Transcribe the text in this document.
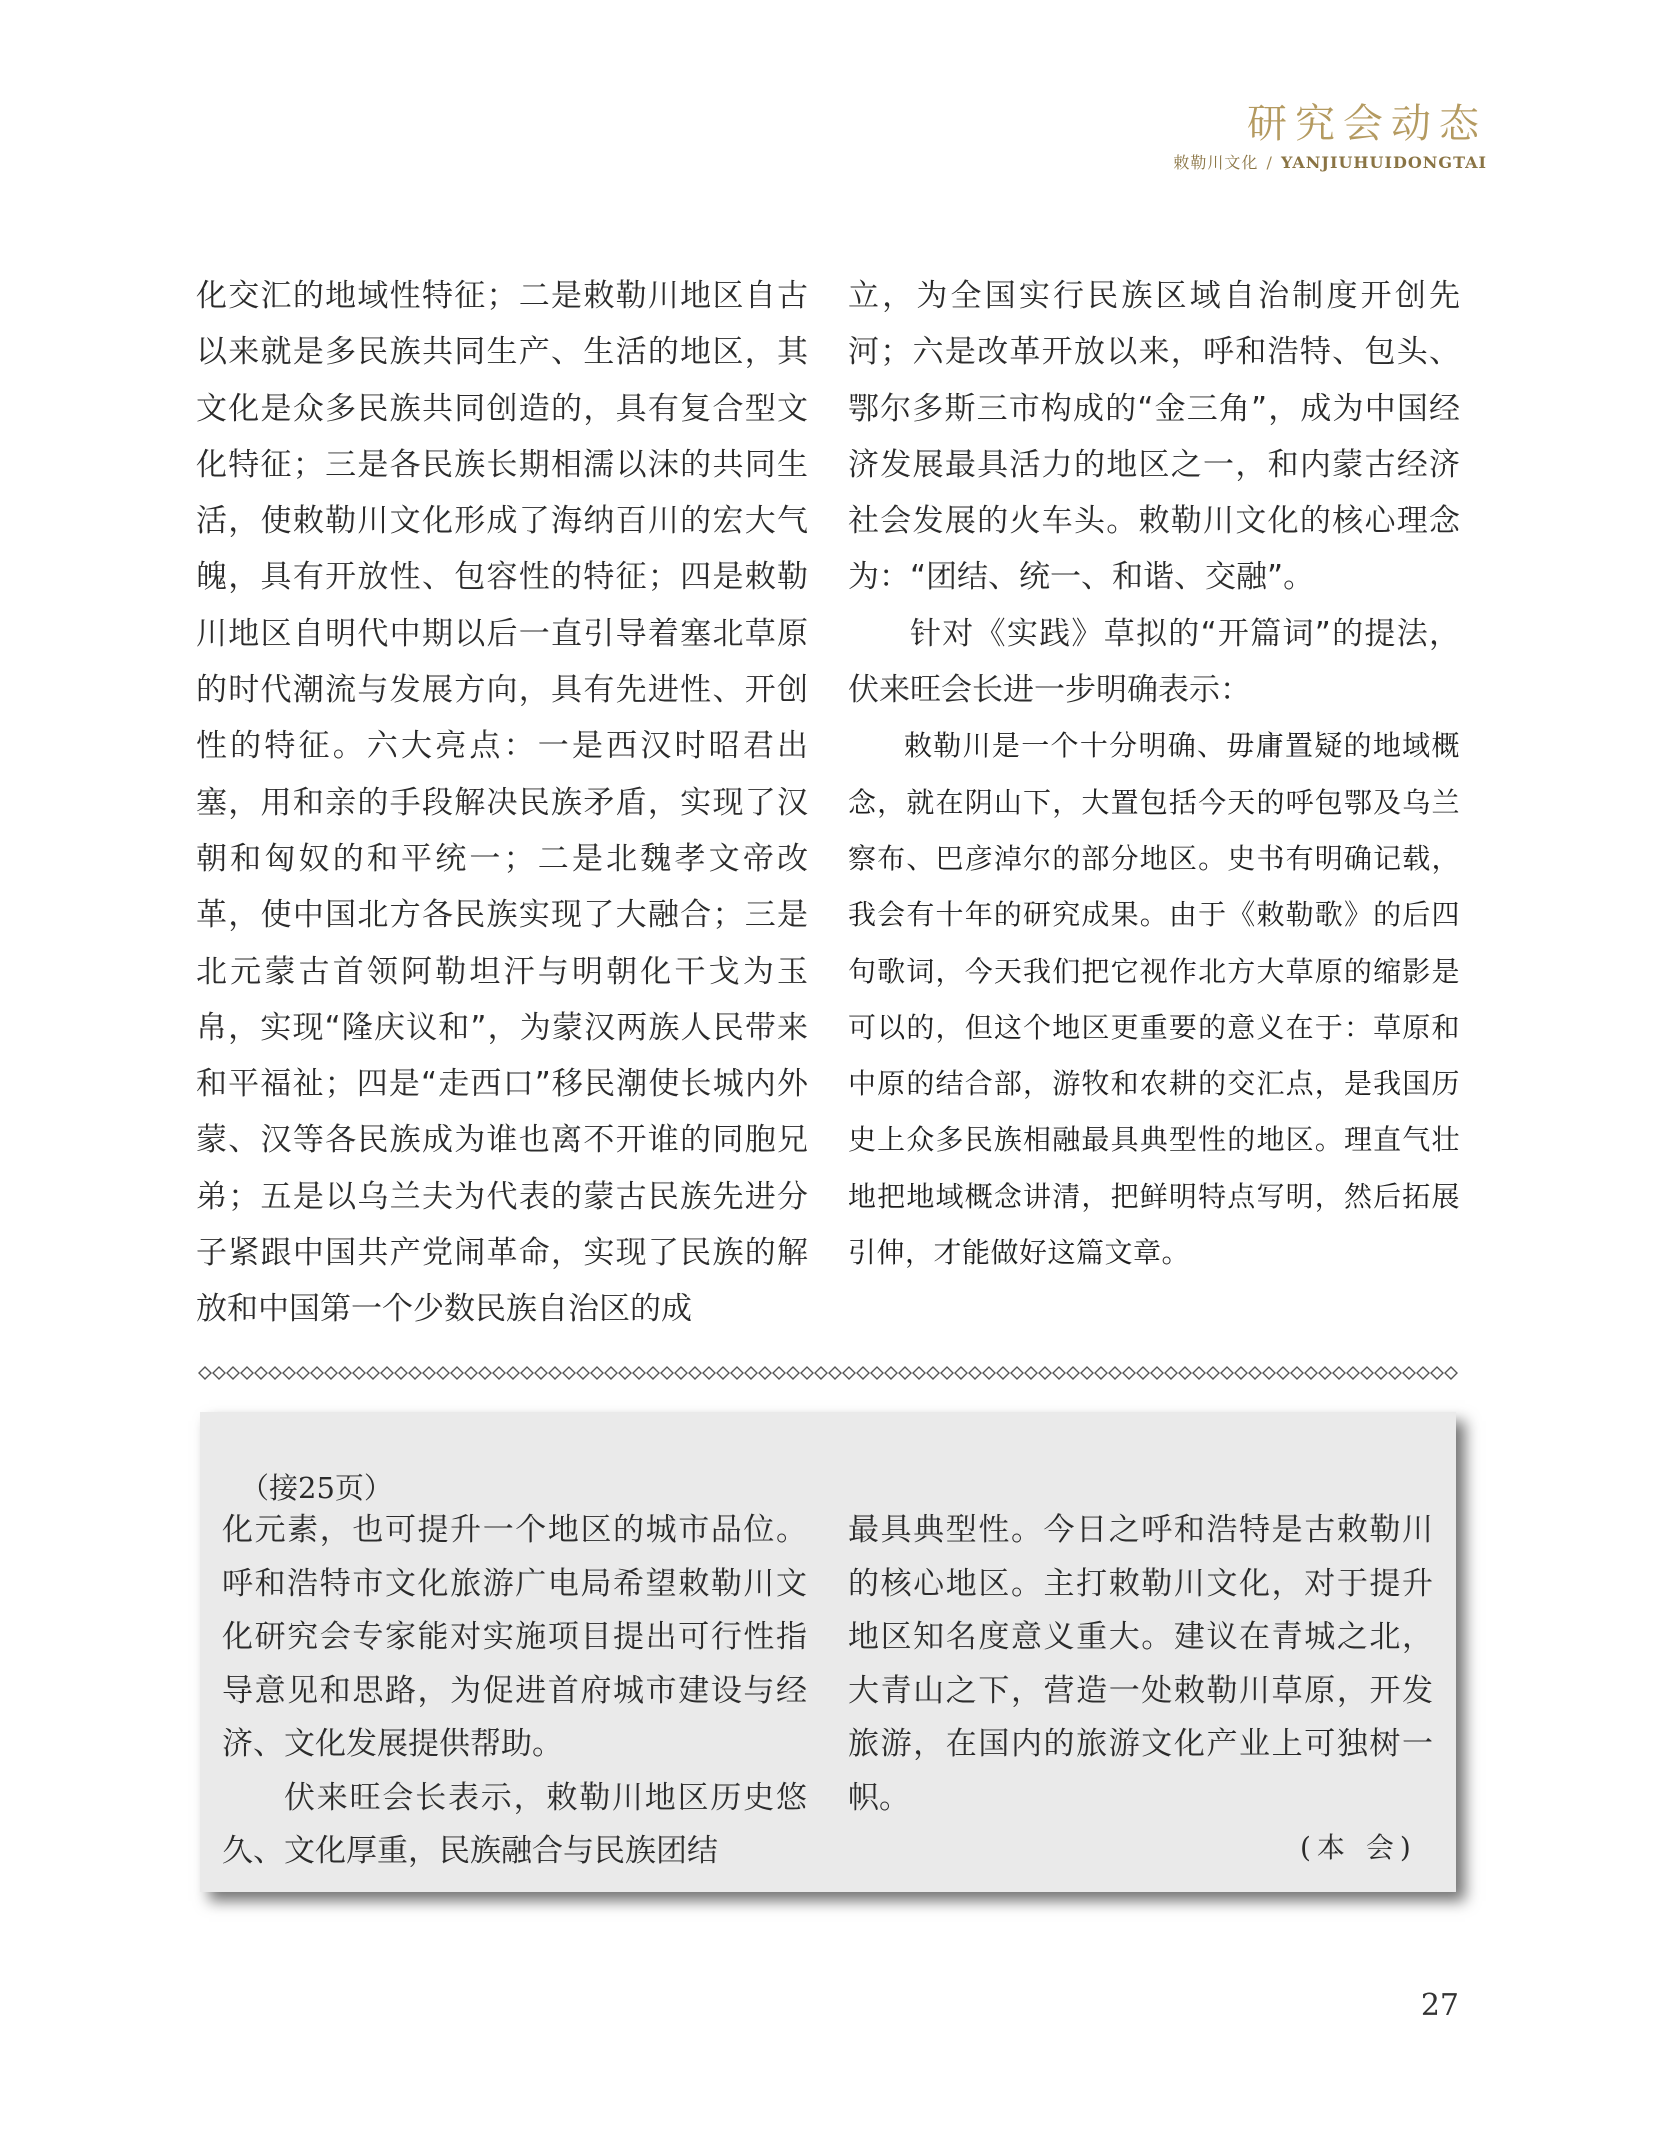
研究会动态
敕勒川文化 / YANJIUHUIDONGTAI

化交汇的地域性特征；二是敕勒川地区自古以来就是多民族共同生产、生活的地区，其文化是众多民族共同创造的，具有复合型文化特征；三是各民族长期相濡以沫的共同生活，使敕勒川文化形成了海纳百川的宏大气魄，具有开放性、包容性的特征；四是敕勒川地区自明代中期以后一直引导着塞北草原的时代潮流与发展方向，具有先进性、开创性的特征。六大亮点：一是西汉时昭君出塞，用和亲的手段解决民族矛盾，实现了汉朝和匈奴的和平统一；二是北魏孝文帝改革，使中国北方各民族实现了大融合；三是北元蒙古首领阿勒坦汗与明朝化干戈为玉帛，实现“隆庆议和”，为蒙汉两族人民带来和平福祉；四是“走西口”移民潮使长城内外蒙、汉等各民族成为谁也离不开谁的同胞兄弟；五是以乌兰夫为代表的蒙古民族先进分子紧跟中国共产党闹革命，实现了民族的解放和中国第一个少数民族自治区的成

立，为全国实行民族区域自治制度开创先河；六是改革开放以来，呼和浩特、包头、鄂尔多斯三市构成的“金三角”，成为中国经济发展最具活力的地区之一，和内蒙古经济社会发展的火车头。敕勒川文化的核心理念为：“团结、统一、和谐、交融”。

针对《实践》草拟的“开篇词”的提法，伏来旺会长进一步明确表示：

敕勒川是一个十分明确、毋庸置疑的地域概念，就在阴山下，大置包括今天的呼包鄂及乌兰察布、巴彦淖尔的部分地区。史书有明确记载，我会有十年的研究成果。由于《敕勒歌》的后四句歌词，今天我们把它视作北方大草原的缩影是可以的，但这个地区更重要的意义在于：草原和中原的结合部，游牧和农耕的交汇点，是我国历史上众多民族相融最具典型性的地区。理直气壮地把地域概念讲清，把鲜明特点写明，然后拓展引伸，才能做好这篇文章。

（接25页）

化元素，也可提升一个地区的城市品位。呼和浩特市文化旅游广电局希望敕勒川文化研究会专家能对实施项目提出可行性指导意见和思路，为促进首府城市建设与经济、文化发展提供帮助。

伏来旺会长表示，敕勒川地区历史悠久、文化厚重，民族融合与民族团结

最具典型性。今日之呼和浩特是古敕勒川的核心地区。主打敕勒川文化，对于提升地区知名度意义重大。建议在青城之北，大青山之下，营造一处敕勒川草原，开发旅游，在国内的旅游文化产业上可独树一帜。

(本 会)
27
